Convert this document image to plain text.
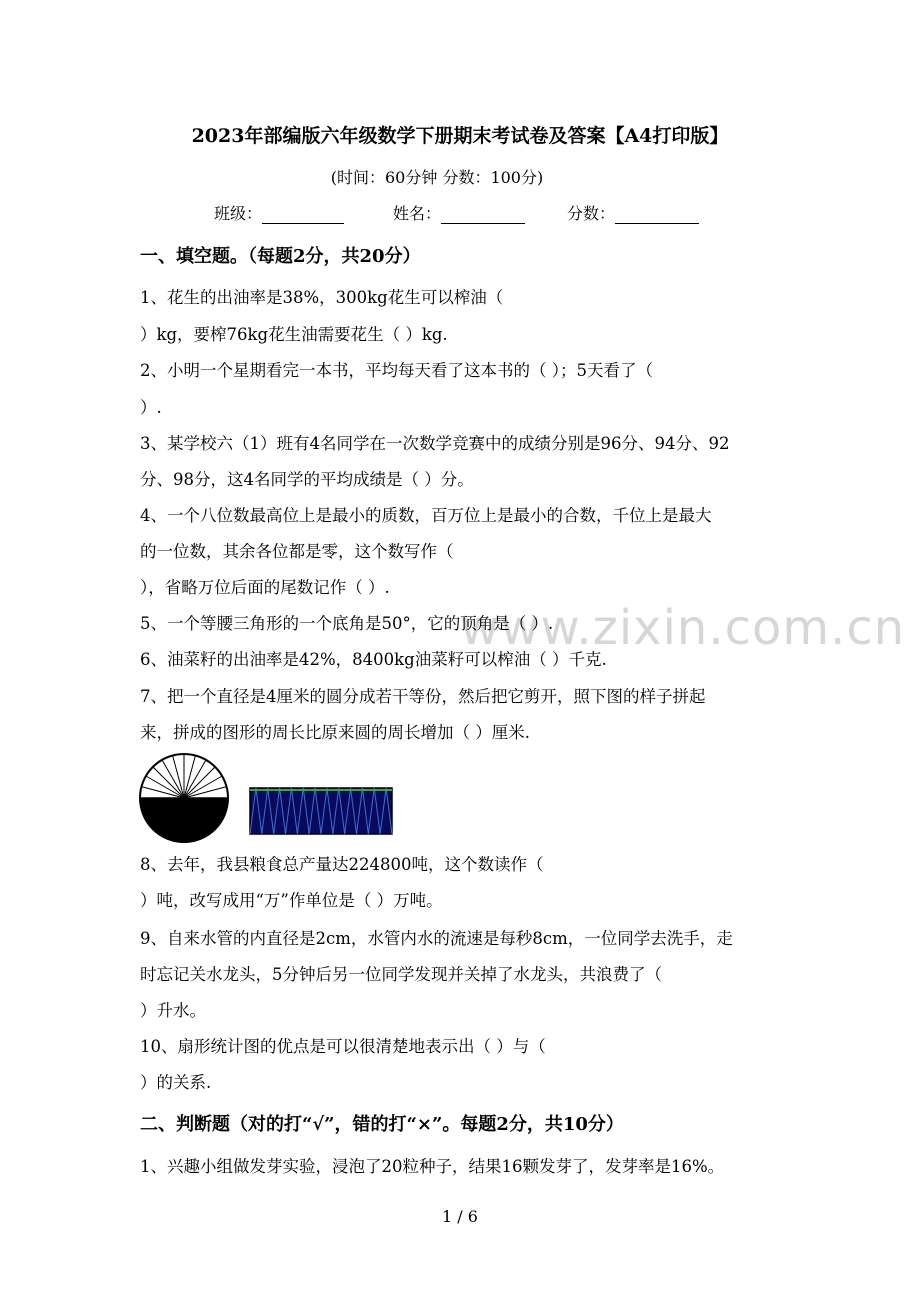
www.zixin.com.cn
2023年部编版六年级数学下册期末考试卷及答案【A4打印版】
(时间：60分钟 分数：100分)
班级：	姓名：	分数：
一、填空题。（每题2分，共20分）
1、花生的出油率是38%，300kg花生可以榨油（
）kg，要榨76kg花生油需要花生（ ）kg.
2、小明一个星期看完一本书，平均每天看了这本书的（ ）；5天看了（
）.
3、某学校六（1）班有4名同学在一次数学竞赛中的成绩分别是96分、94分、92
分、98分，这4名同学的平均成绩是（ ）分。
4、一个八位数最高位上是最小的质数，百万位上是最小的合数，千位上是最大
的一位数，其余各位都是零，这个数写作（
），省略万位后面的尾数记作（ ）.
5、一个等腰三角形的一个底角是50°，它的顶角是（ ）.
6、油菜籽的出油率是42%，8400kg油菜籽可以榨油（ ）千克.
7、把一个直径是4厘米的圆分成若干等份，然后把它剪开，照下图的样子拼起
来，拼成的图形的周长比原来圆的周长增加（ ）厘米.
8、去年，我县粮食总产量达224800吨，这个数读作（
）吨，改写成用“万”作单位是（ ）万吨。
9、自来水管的内直径是2cm，水管内水的流速是每秒8cm，一位同学去洗手，走
时忘记关水龙头，5分钟后另一位同学发现并关掉了水龙头，共浪费了（
）升水。
10、扇形统计图的优点是可以很清楚地表示出（ ）与（
）的关系.
二、判断题（对的打“√”，错的打“×”。每题2分，共10分）
1、兴趣小组做发芽实验，浸泡了20粒种子，结果16颗发芽了，发芽率是16%。
1 / 6
